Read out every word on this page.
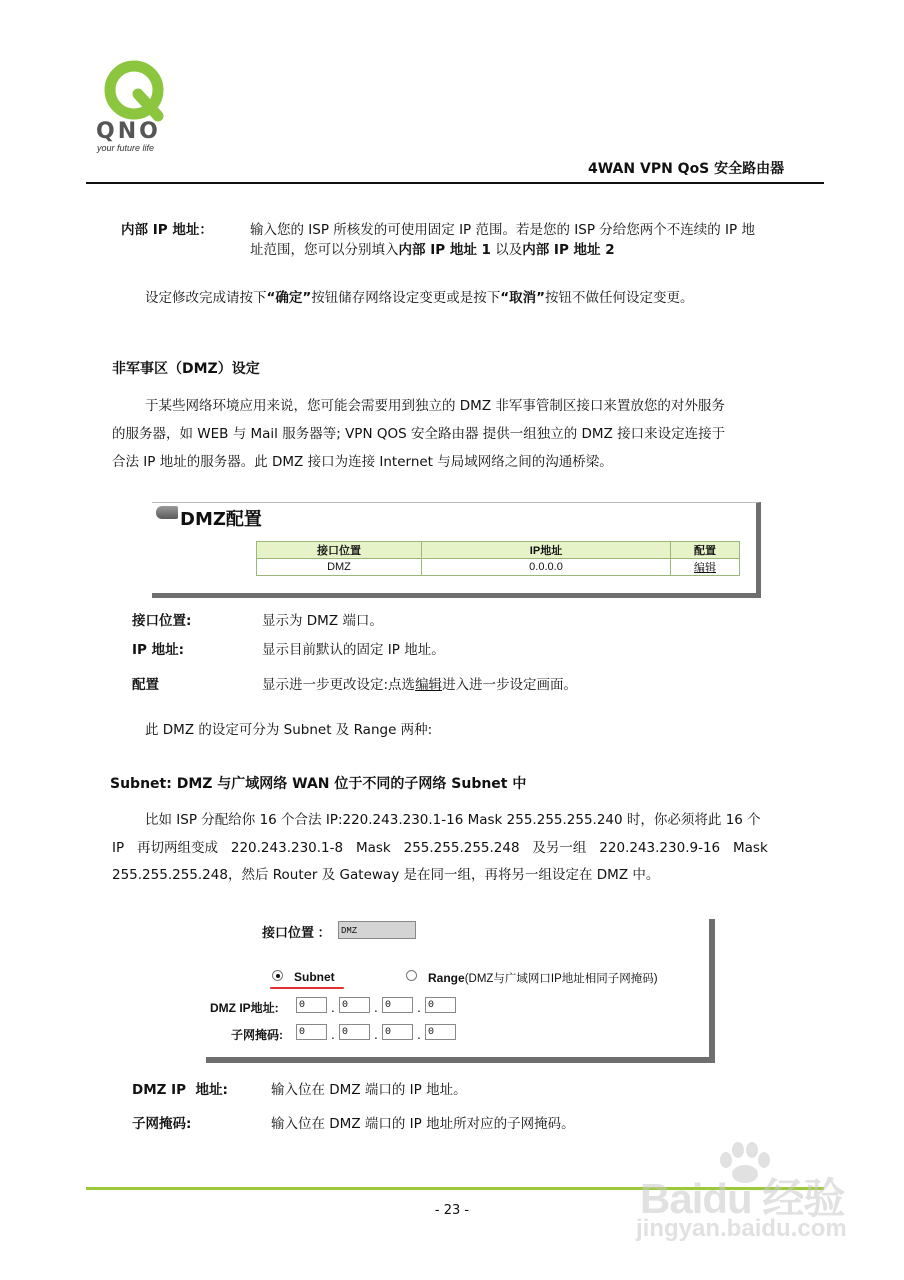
QNO
your future life
4WAN VPN QoS 安全路由器
内部 IP 地址：	输入您的 ISP 所核发的可使用固定 IP 范围。若是您的 ISP 分给您两个不连续的 IP 地
址范围，您可以分别填入内部 IP 地址 1 以及内部 IP 地址 2
设定修改完成请按下“确定”按钮储存网络设定变更或是按下“取消”按钮不做任何设定变更。
非军事区（DMZ）设定
于某些网络环境应用来说，您可能会需要用到独立的 DMZ 非军事管制区接口来置放您的对外服务
的服务器，如 WEB 与 Mail 服务器等; VPN QOS 安全路由器 提供一组独立的 DMZ 接口来设定连接于
合法 IP 地址的服务器。此 DMZ 接口为连接 Internet 与局域网络之间的沟通桥梁。
DMZ配置
接口位置	IP地址	配置
DMZ	0.0.0.0	编辑
接口位置:	显示为 DMZ 端口。
IP 地址:	显示目前默认的固定 IP 地址。
配置	显示进一步更改设定:点选编辑进入进一步设定画面。
此 DMZ 的设定可分为 Subnet 及 Range 两种:
Subnet: DMZ 与广域网络 WAN 位于不同的子网络 Subnet 中
比如 ISP 分配给你 16 个合法 IP:220.243.230.1-16 Mask 255.255.255.240 时，你必须将此 16 个
IP   再切两组变成   220.243.230.1-8   Mask   255.255.255.248   及另一组   220.243.230.9-16   Mask
255.255.255.248，然后 Router 及 Gateway 是在同一组，再将另一组设定在 DMZ 中。
接口位置 ：	DMZ
Subnet	Range(DMZ与广域网口IP地址相同子网掩码)
DMZ IP地址:	0	. 0	. 0	. 0
子网掩码:	0	. 0	. 0	. 0
DMZ IP  地址:	输入位在 DMZ 端口的 IP 地址。
子网掩码:	输入位在 DMZ 端口的 IP 地址所对应的子网掩码。
- 23 -	Baidu 经验
jingyan.baidu.com
